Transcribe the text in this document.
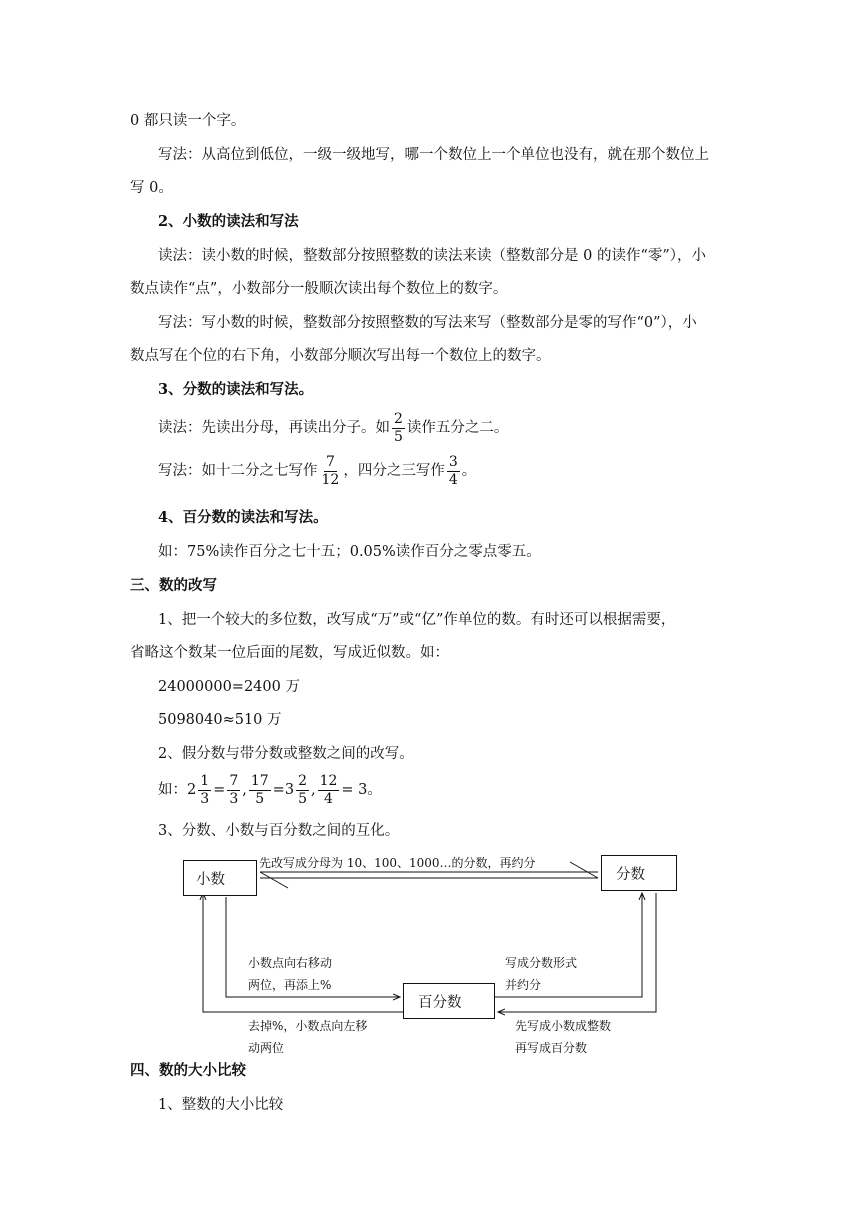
0 都只读一个字。
写法：从高位到低位，一级一级地写，哪一个数位上一个单位也没有，就在那个数位上
写 0。
2、小数的读法和写法
读法：读小数的时候，整数部分按照整数的读法来读（整数部分是 0 的读作“零”），小
数点读作“点”，小数部分一般顺次读出每个数位上的数字。
写法：写小数的时候，整数部分按照整数的写法来写（整数部分是零的写作“0”），小
数点写在个位的右下角，小数部分顺次写出每一个数位上的数字。
3、分数的读法和写法。
读法：先读出分母，再读出分子。如 $\frac{2}{5}$ 读作五分之二。
写法：如十二分之七写作 $\frac{7}{12}$ ，四分之三写作 $\frac{3}{4}$ 。
4、百分数的读法和写法。
如：75%读作百分之七十五；0.05%读作百分之零点零五。
三、数的改写
1、把一个较大的多位数，改写成“万”或“亿”作单位的数。有时还可以根据需要，
省略这个数某一位后面的尾数，写成近似数。如：
24000000=2400 万
5098040≈510 万
2、假分数与带分数或整数之间的改写。
如：$2 \frac{1}{3} = \frac{7}{3}$ , $\frac{17}{5} =3 \frac{2}{5}$ , $\frac{12}{4} = 3$。
3、分数、小数与百分数之间的互化。
小数	分数
百分数
先改写成分母为 10、100、1000…的分数，再约分
小数点向右移动
两位，再添上%
写成分数形式
并约分
去掉%，小数点向左移
动两位
先写成小数成整数
再写成百分数
四、数的大小比较
1、整数的大小比较
